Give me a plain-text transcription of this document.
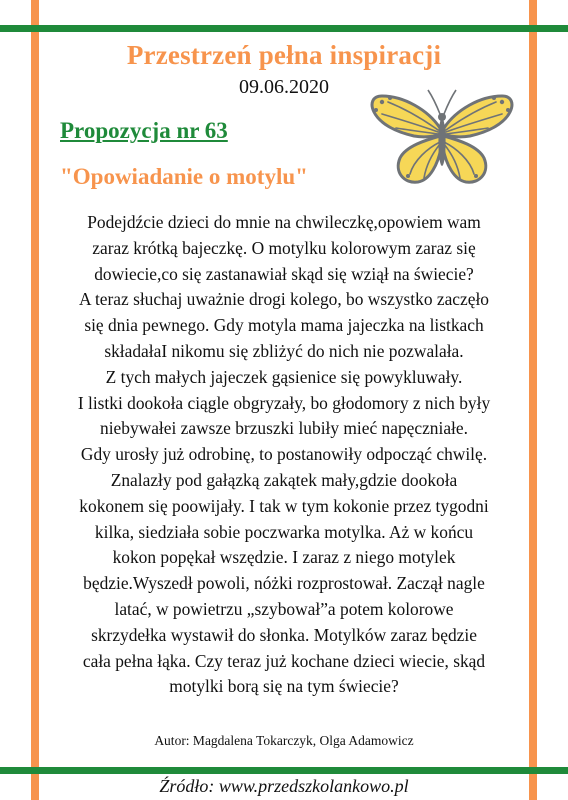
Przestrzeń pełna inspiracji
09.06.2020
Propozycja nr 63
"Opowiadanie o motylu"

Podejdźcie dzieci do mnie na chwileczkę,opowiem wam
zaraz krótką bajeczkę. O motylku kolorowym zaraz się
dowiecie,co się zastanawiał skąd się wziął na świecie?
A teraz słuchaj uważnie drogi kolego, bo wszystko zaczęło
się dnia pewnego. Gdy motyla mama jajeczka na listkach
składałaI nikomu się zbliżyć do nich nie pozwalała.
Z tych małych jajeczek gąsienice się powykluwały.
I listki dookoła ciągle obgryzały, bo głodomory z nich były
niebywałei zawsze brzuszki lubiły mieć napęczniałe.
Gdy urosły już odrobinę, to postanowiły odpocząć chwilę.
Znalazły pod gałązką zakątek mały,gdzie dookoła
kokonem się poowijały. I tak w tym kokonie przez tygodni
kilka, siedziała sobie poczwarka motylka. Aż w końcu
kokon popękał wszędzie. I zaraz z niego motylek
będzie.Wyszedł powoli, nóżki rozprostował. Zaczął nagle
latać, w powietrzu „szybował”a potem kolorowe
skrzydełka wystawił do słonka. Motylków zaraz będzie
cała pełna łąka. Czy teraz już kochane dzieci wiecie, skąd
motylki borą się na tym świecie?

Autor: Magdalena Tokarczyk, Olga Adamowicz
Źródło: www.przedszkolankowo.pl
